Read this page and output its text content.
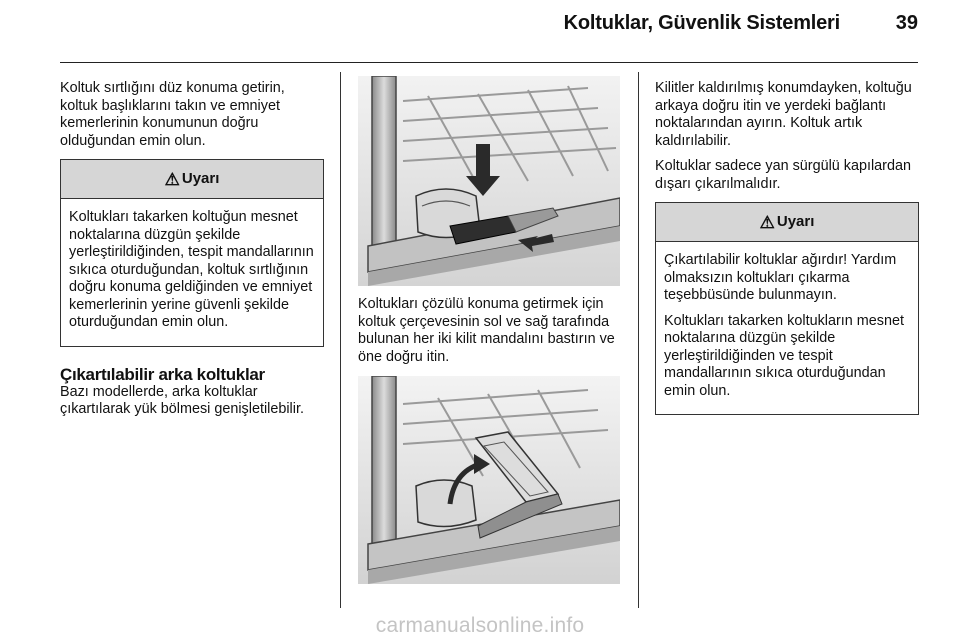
Koltuklar, Güvenlik Sistemleri	39

Koltuk sırtlığını düz konuma getirin, koltuk başlıklarını takın ve emniyet kemerlerinin konumunun doğru olduğundan emin olun.

⚠ Uyarı

Koltukları takarken koltuğun mesnet noktalarına düzgün şekilde yerleştirildiğinden, tespit mandallarının sıkıca oturduğundan, koltuk sırtlığının doğru konuma geldiğinden ve emniyet kemerlerinin yerine güvenli şekilde oturduğundan emin olun.

Çıkartılabilir arka koltuklar

Bazı modellerde, arka koltuklar çıkartılarak yük bölmesi genişletilebilir.

Koltukları çözülü konuma getirmek için koltuk çerçevesinin sol ve sağ tarafında bulunan her iki kilit mandalını bastırın ve öne doğru itin.

Kilitler kaldırılmış konumdayken, koltuğu arkaya doğru itin ve yerdeki bağlantı noktalarından ayırın. Koltuk artık kaldırılabilir.

Koltuklar sadece yan sürgülü kapılardan dışarı çıkarılmalıdır.

⚠ Uyarı

Çıkartılabilir koltuklar ağırdır! Yardım olmaksızın koltukları çıkarma teşebbüsünde bulunmayın.

Koltukları takarken koltukların mesnet noktalarına düzgün şekilde yerleştirildiğinden ve tespit mandallarının sıkıca oturduğundan emin olun.

carmanualsonline.info
